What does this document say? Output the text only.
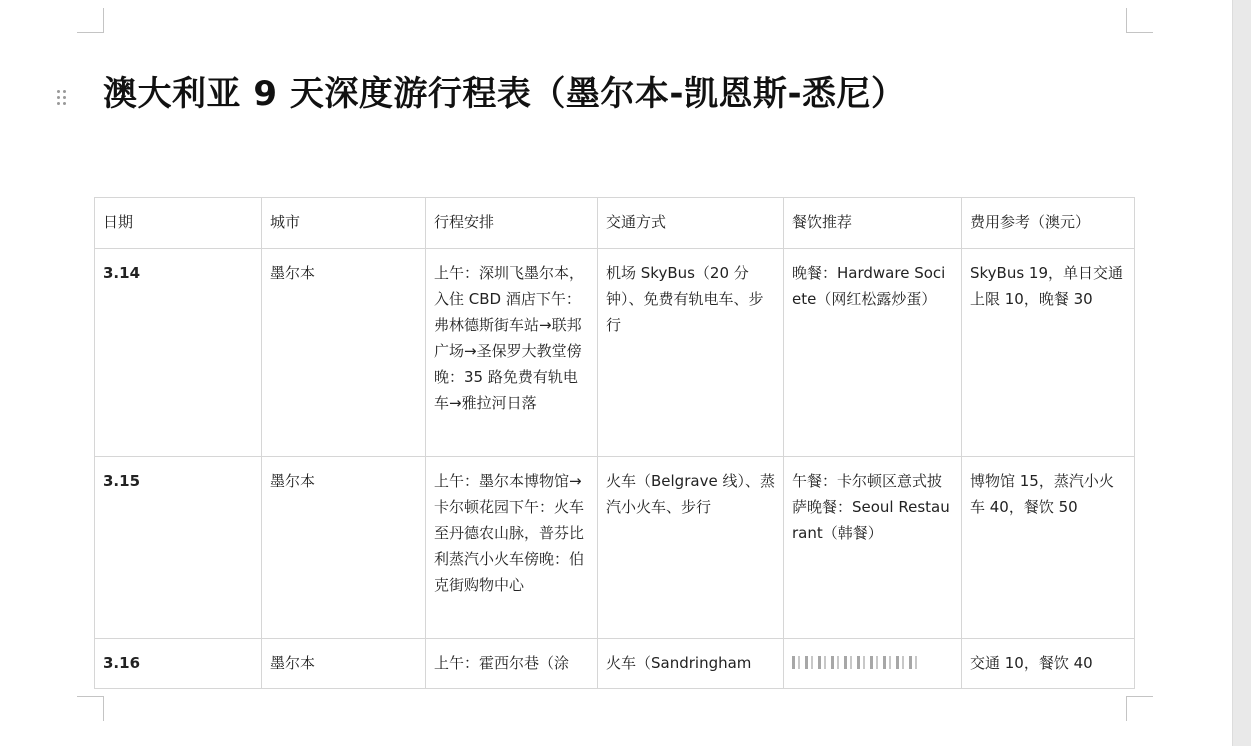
澳大利亚 9 天深度游行程表（墨尔本-凯恩斯-悉尼）
日期	城市	行程安排	交通方式	餐饮推荐	费用参考（澳元）
3.14	墨尔本	上午：深圳飞墨尔本，入住 CBD 酒店下午：弗林德斯街车站→联邦广场→圣保罗大教堂傍晚：35 路免费有轨电车→雅拉河日落	机场 SkyBus（20 分钟）、免费有轨电车、步行	晚餐：Hardware Societe（网红松露炒蛋）	SkyBus 19，单日交通上限 10，晚餐 30
3.15	墨尔本	上午：墨尔本博物馆→卡尔顿花园下午：火车至丹德农山脉，普芬比利蒸汽小火车傍晚：伯克街购物中心	火车（Belgrave 线）、蒸汽小火车、步行	午餐：卡尔顿区意式披萨晚餐：Seoul Restaurant（韩餐）	博物馆 15，蒸汽小火车 40，餐饮 50
3.16	墨尔本	上午：霍西尔巷（涂	火车（Sandringham		交通 10，餐饮 40
